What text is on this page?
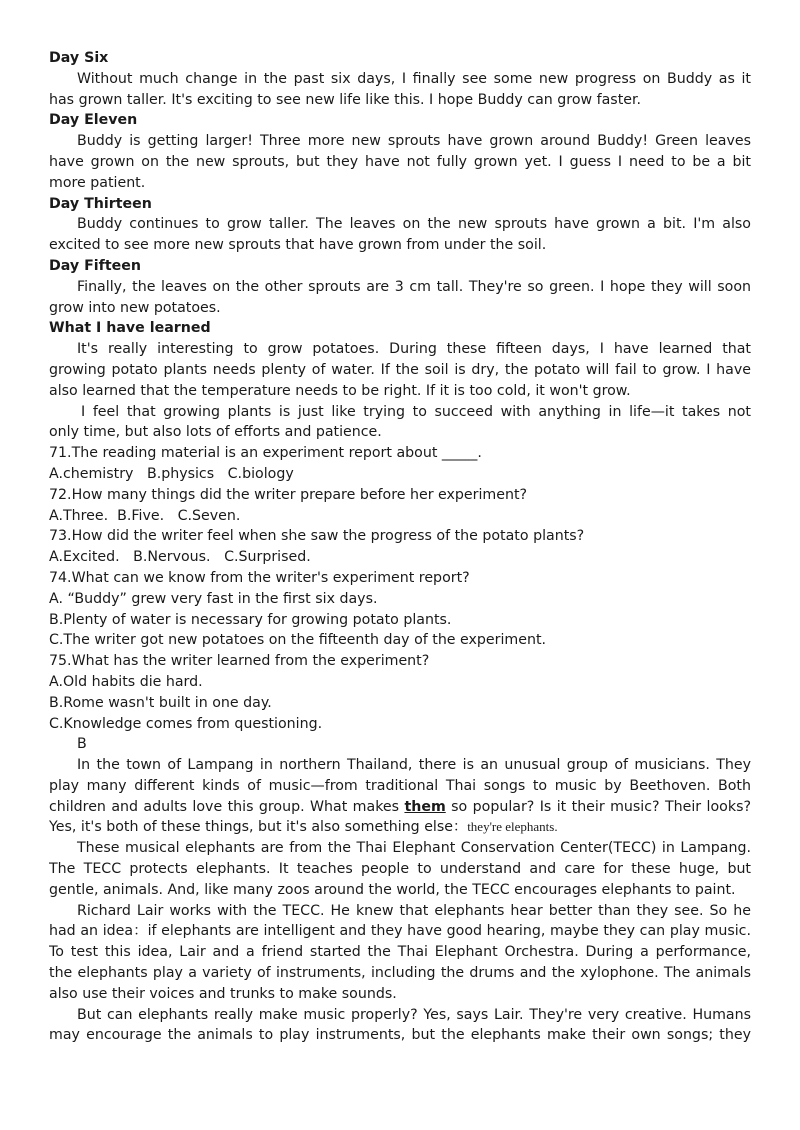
Day Six
Without much change in the past six days, I finally see some new progress on Buddy as it
has grown taller. It's exciting to see new life like this. I hope Buddy can grow faster.
Day Eleven
Buddy is getting larger! Three more new sprouts have grown around Buddy! Green leaves
have grown on the new sprouts, but they have not fully grown yet. I guess I need to be a bit
more patient.
Day Thirteen
Buddy continues to grow taller. The leaves on the new sprouts have grown a bit. I'm also
excited to see more new sprouts that have grown from under the soil.
Day Fifteen
Finally, the leaves on the other sprouts are 3 cm tall. They're so green. I hope they will soon
grow into new potatoes.
What I have learned
It's really interesting to grow potatoes. During these fifteen days, I have learned that
growing potato plants needs plenty of water. If the soil is dry, the potato will fail to grow. I have
also learned that the temperature needs to be right. If it is too cold, it won't grow.
I feel that growing plants is just like trying to succeed with anything in life—it takes not
only time, but also lots of efforts and patience.
71.The reading material is an experiment report about _____.
A.chemistry   B.physics   C.biology
72.How many things did the writer prepare before her experiment?
A.Three.  B.Five.   C.Seven.
73.How did the writer feel when she saw the progress of the potato plants?
A.Excited.   B.Nervous.   C.Surprised.
74.What can we know from the writer's experiment report?
A. “Buddy” grew very fast in the first six days.
B.Plenty of water is necessary for growing potato plants.
C.The writer got new potatoes on the fifteenth day of the experiment.
75.What has the writer learned from the experiment?
A.Old habits die hard.
B.Rome wasn't built in one day.
C.Knowledge comes from questioning.
B
In the town of Lampang in northern Thailand, there is an unusual group of musicians. They
play many different kinds of music—from traditional Thai songs to music by Beethoven. Both
children and adults love this group. What makes them so popular? Is it their music? Their looks?
Yes, it's both of these things, but it's also something else：they're elephants.
These musical elephants are from the Thai Elephant Conservation Center(TECC) in Lampang.
The TECC protects elephants. It teaches people to understand and care for these huge, but
gentle, animals. And, like many zoos around the world, the TECC encourages elephants to paint.
Richard Lair works with the TECC. He knew that elephants hear better than they see. So he
had an idea：if elephants are intelligent and they have good hearing, maybe they can play music.
To test this idea, Lair and a friend started the Thai Elephant Orchestra. During a performance,
the elephants play a variety of instruments, including the drums and the xylophone. The animals
also use their voices and trunks to make sounds.
But can elephants really make music properly? Yes, says Lair. They're very creative. Humans
may encourage the animals to play instruments, but the elephants make their own songs; they
